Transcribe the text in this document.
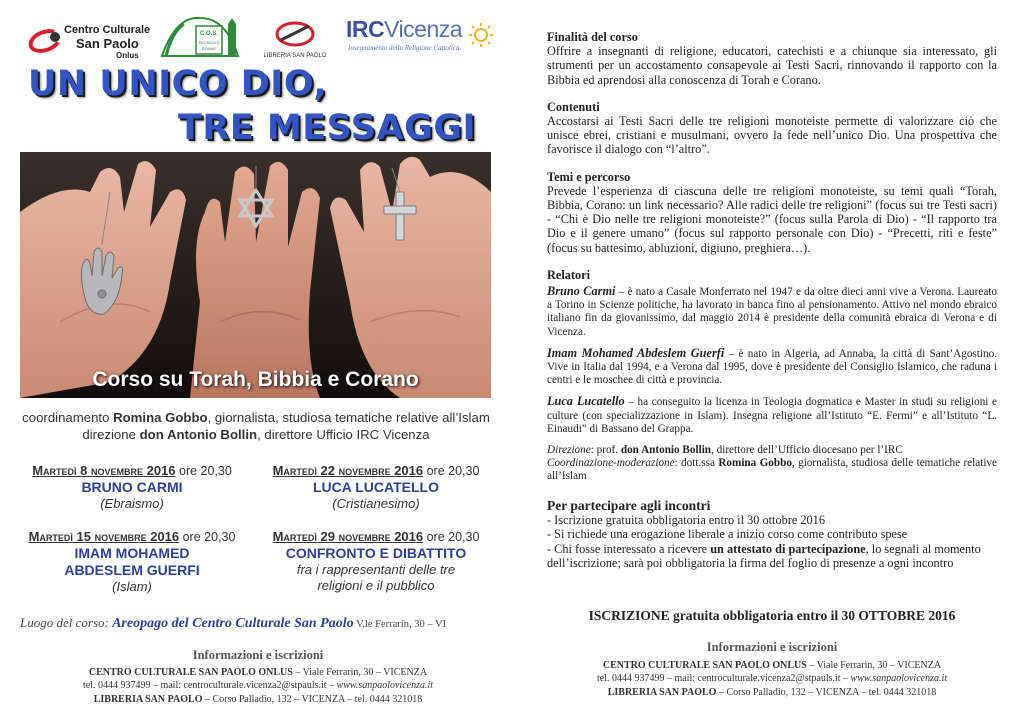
Centro Culturale
San Paolo
Onlus
C.O.S.
PASSAGGI
DONNE
LIBRERIA SAN PAOLO
IRCVicenza
Insegnamento della Religione Cattolica
UN UNICO DIO,
TRE MESSAGGI
Corso su Torah, Bibbia e Corano
coordinamento Romina Gobbo, giornalista, studiosa tematiche relative all’Islam
direzione don Antonio Bollin, direttore Ufficio IRC Vicenza
Martedì 8 novembre 2016 ore 20,30
BRUNO CARMI
(Ebraismo)
Martedì 22 novembre 2016 ore 20,30
LUCA LUCATELLO
(Cristianesimo)
Martedì 15 novembre 2016 ore 20,30
IMAM MOHAMED ABDESLEM GUERFI
(Islam)
Martedì 29 novembre 2016 ore 20,30
CONFRONTO E DIBATTITO
fra i rappresentanti delle tre religioni e il pubblico
Luogo del corso: Areopago del Centro Culturale San Paolo V.le Ferrarin, 30 – VI
Informazioni e iscrizioni
CENTRO CULTURALE SAN PAOLO ONLUS – Viale Ferrarin, 30 – VICENZA
tel. 0444 937499 – mail: centroculturale.vicenza2@stpauls.it – www.sanpaolovicenza.it
LIBRERIA SAN PAOLO – Corso Palladio, 132 – VICENZA – tel. 0444 321018
Finalità del corso

Offrire a insegnanti di religione, educatori, catechisti e a chiunque sia interessato, gli strumenti per un accostamento consapevole ai Testi Sacri, rinnovando il rapporto con la Bibbia ed aprendosi alla conoscenza di Torah e Corano.

Contenuti

Accostarsi ai Testi Sacri delle tre religioni monoteiste permette di valorizzare ciò che unisce ebrei, cristiani e musulmani, ovvero la fede nell’unico Dio. Una prospettiva che favorisce il dialogo con “l’altro”.

Temi e percorso

Prevede l’esperienza di ciascuna delle tre religioni monoteiste, su temi quali “Torah, Bibbia, Corano: un link necessario? Alle radici delle tre religioni” (focus sui tre Testi sacri) - “Chi è Dio nelle tre religioni monoteiste?” (focus sulla Parola di Dio) - “Il rapporto tra Dio e il genere umano” (focus sul rapporto personale con Dio) - “Precetti, riti e feste” (focus su battesimo, abluzioni, digiuno, preghiera…).

Relatori

Bruno Carmi – è nato a Casale Monferrato nel 1947 e da oltre dieci anni vive a Verona. Laureato a Torino in Scienze politiche, ha lavorato in banca fino al pensionamento. Attivo nel mondo ebraico italiano fin da giovanissimo, dal maggio 2014 è presidente della comunità ebraica di Verona e di Vicenza.

Imam Mohamed Abdeslem Guerfi – è nato in Algeria, ad Annaba, la città di Sant’Agostino. Vive in Italia dal 1994, e a Verona dal 1995, dove è presidente del Consiglio Islamico, che raduna i centri e le moschee di città e provincia.

Luca Lucatello – ha conseguito la licenza in Teologia dogmatica e Master in studi su religioni e culture (con specializzazione in Islam). Insegna religione all’Istituto “E. Fermi” e all’Istituto “L. Einaudi” di Bassano del Grappa.

Direzione: prof. don Antonio Bollin, direttore dell’Ufficio diocesano per l’IRC
Coordinazione-moderazione: dott.ssa Romina Gobbo, giornalista, studiosa delle tematiche relative all’Islam

Per partecipare agli incontri

- Iscrizione gratuita obbligatoria entro il 30 ottobre 2016

- Si richiede una erogazione liberale a inizio corso come contributo spese

- Chi fosse interessato a ricevere un attestato di partecipazione, lo segnali al momento dell’iscrizione; sarà poi obbligatoria la firma del foglio di presenze a ogni incontro

ISCRIZIONE gratuita obbligatoria entro il 30 OTTOBRE 2016
Informazioni e iscrizioni
CENTRO CULTURALE SAN PAOLO ONLUS – Viale Ferrarin, 30 – VICENZA
tel. 0444 937499 – mail: centroculturale.vicenza2@stpauls.it – www.sanpaolovicenza.it
LIBRERIA SAN PAOLO – Corso Palladio, 132 – VICENZA – tel. 0444 321018
